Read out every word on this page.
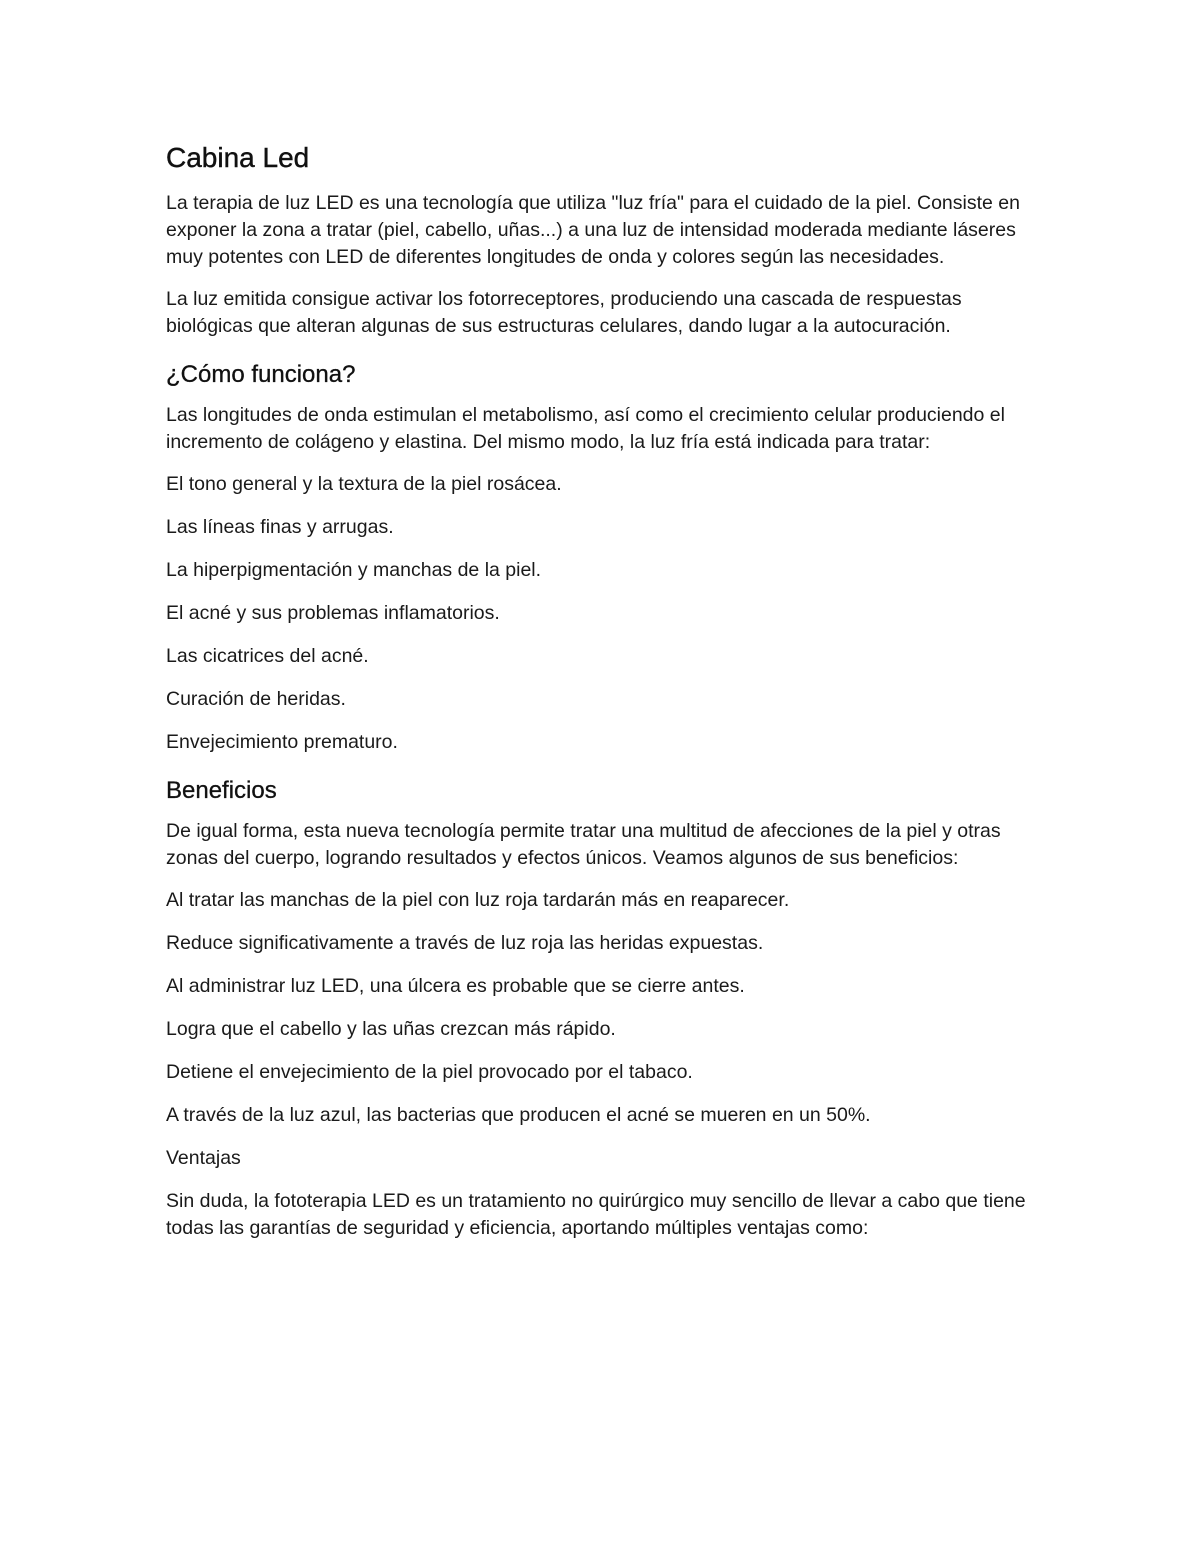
Cabina Led

La terapia de luz LED es una tecnología que utiliza "luz fría" para el cuidado de la piel. Consiste en exponer la zona a tratar (piel, cabello, uñas...) a una luz de intensidad moderada mediante láseres muy potentes con LED de diferentes longitudes de onda y colores según las necesidades.

La luz emitida consigue activar los fotorreceptores, produciendo una cascada de respuestas biológicas que alteran algunas de sus estructuras celulares, dando lugar a la autocuración.

¿Cómo funciona?

Las longitudes de onda estimulan el metabolismo, así como el crecimiento celular produciendo el incremento de colágeno y elastina. Del mismo modo, la luz fría está indicada para tratar:

El tono general y la textura de la piel rosácea.

Las líneas finas y arrugas.

La hiperpigmentación y manchas de la piel.

El acné y sus problemas inflamatorios.

Las cicatrices del acné.

Curación de heridas.

Envejecimiento prematuro.

Beneficios

De igual forma, esta nueva tecnología permite tratar una multitud de afecciones de la piel y otras zonas del cuerpo, logrando resultados y efectos únicos. Veamos algunos de sus beneficios:

Al tratar las manchas de la piel con luz roja tardarán más en reaparecer.

Reduce significativamente a través de luz roja las heridas expuestas.

Al administrar luz LED, una úlcera es probable que se cierre antes.

Logra que el cabello y las uñas crezcan más rápido.

Detiene el envejecimiento de la piel provocado por el tabaco.

A través de la luz azul, las bacterias que producen el acné se mueren en un 50%.

Ventajas

Sin duda, la fototerapia LED es un tratamiento no quirúrgico muy sencillo de llevar a cabo que tiene todas las garantías de seguridad y eficiencia, aportando múltiples ventajas como:
